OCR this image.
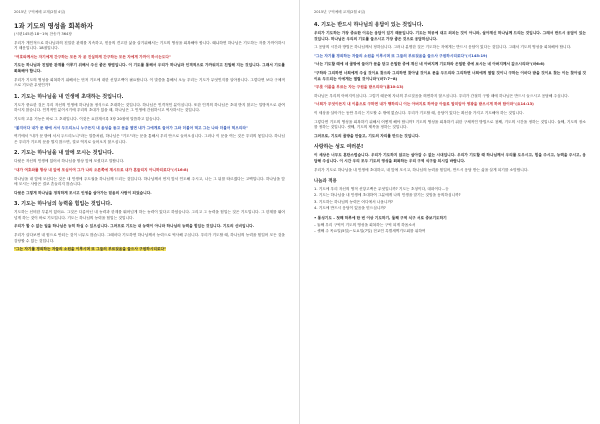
2015년 구역예배 교재(2월 4일)
1과 기도의 영성을 회복하자
(시편145편:18~19) 찬송가 364장

우리가 개인적으로 하나님과의 친밀한 관계를 지속하고, 믿음의 견고한 삶을 살기위해서는 기도의 영성을 회복해야 합니다. 왜냐하면 하나님은 기도하는 자를 가까이하시기 때문입니다. 18절입니다.

"여호와께서는 자기에게 간구하는 모든 자 곧 진실하게 간구하는 모든 자에게 가까이 하시는도다"

기도는 하나님과 친밀한 관계를 이루기 위해서 주신 좋은 방법입니다. 이 기도를 통해서 우리가 하나님과 인격적으로 가까워지고 친밀해 지는 것입니다. 그래서 기도를 회복해야 합니다.

우리가 기도의 영성을 회복하기 위해서는 먼저 기도에 대한 신앙고백이 필요합니다. 이 말씀을 통해서 오늘 우리는 기도가 무엇인지를 알아봅니다. 그렇다면 보다 구체적으로 기도란 무엇인가?

1. 기도는 하나님을 내 인생에 초대하는 것입니다.

기도가 중요한 것은 우리 자신의 인생에 하나님을 정식으로 초대하는 것입니다. 하나님은 인격적인 분이십니다. 또한 인격의 하나님은 초대 받지 않고는 일방적으로 관여하시지 않습니다. 인격적인 분이시기에 우리의 초대가 있을 때, 하나님은 그 인생에 간섭하시고 역사하시는 것입니다.

기도의 고유 기능은 바로 그 초대입니다. 이것은 요한계시록 3장 20절에 말씀하고 있습니다.

"볼지어다 내가 문 밖에 서서 두드리노니 누구든지 내 음성을 듣고 문을 열면 내가 그에게로 들어가 그와 더불어 먹고 그는 나와 더불어 먹으리라"

여기에서 "내가 문 밖에 서서 두드리노니"라는 말씀처럼, 하나님은 "기도"라는 문을 통해서 우리 안으로 들어오십니다. 그러나 이 문을 여는 것은 우리의 몫입니다. 하나님은 우리가 기도의 문을 열지 않으면, 결코 억지로 들어오지 않으십니다.

2. 기도는 하나님을 내 앞에 모시는 것입니다.

다윗은 자신의 인생에 있어서 하나님을 항상 앞에 모셨다고 말합니다.

"내가 여호와를 항상 내 앞에 모심이여 그가 나의 오른쪽에 계시므로 내가 흔들리지 아니하리로다"(시16:8)

하나님을 내 앞에 모신다는 것은 내 인생에 주도권을 하나님께 드리는 것입니다. 하나님께서 먼저 앞서 인도해 주시고, 나는 그 뒤를 따르겠다는 고백입니다. 하나님을 앞에 모시는 사람은 결코 흔들리지 않습니다.

다윗은 그렇게 하나님을 정직하게 모시고 인생을 살아가는 믿음의 사람이 되었습니다.

3. 기도는 하나님의 능력을 힘입는 것입니다.

기도하는 신비한 부분이 있어요. 그것은 다름아닌 내 능력과 한계를 뛰어넘게 하는 능력이 있다고 하셨습니다. 그리고 그 능력을 힘입는 것은 기도입니다. 그 한계를 뛰어넘게 하는 것이 바로 기도입니다. 기도는 하나님의 능력을 힘입는 것입니다.

우리가 할 수 없는 일을 하나님은 능히 하실 수 있으십니다. 그러므로 기도는 내 능력이 아니라 하나님의 능력을 힘입는 것입니다. 기도의 신비입니다.

우리가 살다보면 내 힘으로 안되는 것이 너무도 많습니다. 그때마다 기도하면 하나님께서 능력으로 역사해 주십니다. 우리가 기도할 때, 하나님의 능력을 힘입어 모든 것을 감당할 수 있는 것입니다.

"그는 자기를 경외하는 자들의 소원을 이루시며 또 그들의 부르짖음을 들으사 구원하시리로다"

2015년 구역예배 교재(2월 4일)
4. 기도는 반드시 하나님의 응답이 있는 것입니다.

우리가 기도하는 가장 중요한 이유는 응답이 있기 때문입니다. 기도는 허공에 대고 외치는 것이 아니라, 살아계신 하나님께 드리는 것입니다. 그래서 반드시 응답이 있는 것입니다. 하나님은 우리의 기도를 들으시고 가장 좋은 것으로 응답하십니다.

그 응답의 시간과 방법은 하나님께서 정하십니다. 그러나 분명한 것은 기도하는 자에게는 반드시 응답이 있다는 것입니다. 그래서 기도의 영성을 회복해야 합니다.

"그는 자기를 경외하는 자들의 소원을 이루시며 또 그들의 부르짖음을 들으사 구원하시리로다"(시145:19)

"너는 기도할 때에 네 골방에 들어가 문을 닫고 은밀한 중에 계신 네 아버지께 기도하라 은밀한 중에 보시는 네 아버지께서 갚으시리라"(마6:6)

"구하라 그리하면 너희에게 주실 것이요 찾으라 그리하면 찾아낼 것이요 문을 두드리라 그리하면 너희에게 열릴 것이니 구하는 이마다 받을 것이요 찾는 이는 찾아낼 것이요 두드리는 이에게는 열릴 것이니라"(마7:7~8)

"무릇 이름을 부르는 자는 구원을 받으리라"(롬10:13)

하나님은 우리의 아버지이십니다. 그렇기 때문에 자녀의 부르짖음을 외면하지 않으십니다. 우리가 간절히 구할 때에 하나님은 반드시 들으시고 응답해 주십니다.

"너희가 무엇이든지 내 이름으로 구하면 내가 행하리니 이는 아버지로 하여금 아들로 말미암아 영광을 받으시게 하려 함이라"(요14:13)

이 세상을 살아가는 동안 우리는 기도할 수 밖에 없습니다. 우리가 기도할 때, 응답이 있다는 확신을 가지고 기도해야 하는 것입니다.

그렇다면 기도의 영성을 회복하기 위해서 어떻게 해야 합니까? 기도의 영성을 회복하기 위한 구체적인 방법으로 첫째, 기도의 시간을 정하는 것입니다. 둘째, 기도의 장소를 정하는 것입니다. 셋째, 기도의 제목을 정하는 것입니다.

그러므로, 기도의 골방을 만들고, 기도의 자리를 만드는 것입니다.

사랑하는 성도 여러분!

이 세상은 너무도 혼란스럽습니다. 우리가 기도하지 않고는 살아갈 수 없는 시대입니다. 우리가 기도할 때 하나님께서 우리를 도우시고, 힘을 주시고, 능력을 주시고, 응답해 주십니다. 이 시간 우리 모두 기도의 영성을 회복하는 우리 구역 식구들 되시길 바랍니다.

우리가 기도로 하나님을 내 인생에 초대하고, 내 앞에 모시고, 하나님의 능력을 힘입어, 반드시 응답 받는 삶을 살게 되기를 소망합니다.

나눔과 적용
1. 기도에 우리 자신의 영적 신앙고백은 무엇입니까? 기도는 초청이다, 대화이다...등
2. 기도는 하나님을 내 인생에 초대하여 그분에게 나의 인생을 맡기는 것임을 동의하십니까?
3. 기도하는 하나님의 능력은 어디에서 나옵니까?
4. 기도에 반드시 응답이 있음을 믿으십니까?
• 통성기도 – 첫째 하루에 한 번 이상 기도하기, 둘째 구역 식구 서로 중보기도하기
– 둘째 우리 구역이 기도의 영성을 회복하는 구역 되게 하옵소서
– 셋째 주 목요일(5일)~토요일(7일) 전교인 특별새벽기도회를 위하여
